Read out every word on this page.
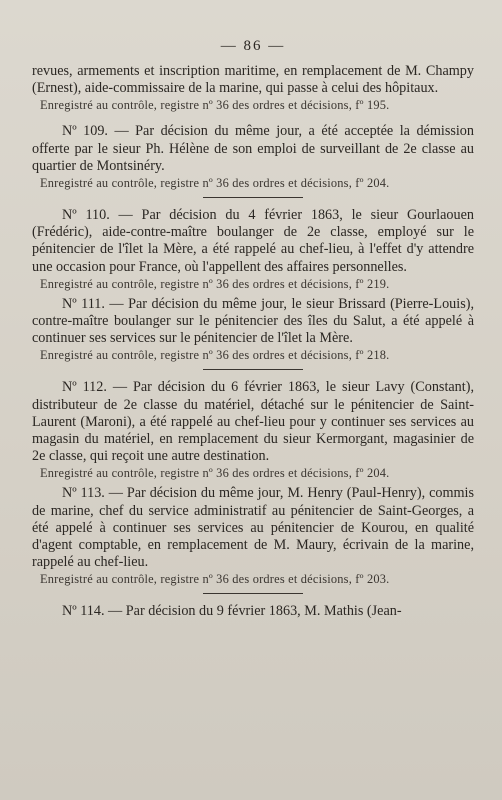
— 86 —

revues, armements et inscription maritime, en remplacement de M. Champy (Ernest), aide-commissaire de la marine, qui passe à celui des hôpitaux.

Enregistré au contrôle, registre nº 36 des ordres et décisions, fº 195.

Nº 109. — Par décision du même jour, a été acceptée la démission offerte par le sieur Ph. Hélène de son emploi de surveillant de 2e classe au quartier de Montsinéry.

Enregistré au contrôle, registre nº 36 des ordres et décisions, fº 204.

Nº 110. — Par décision du 4 février 1863, le sieur Gourlaouen (Frédéric), aide-contre-maître boulanger de 2e classe, employé sur le pénitencier de l'îlet la Mère, a été rappelé au chef-lieu, à l'effet d'y attendre une occasion pour France, où l'appellent des affaires personnelles.

Enregistré au contrôle, registre nº 36 des ordres et décisions, fº 219.

Nº 111. — Par décision du même jour, le sieur Brissard (Pierre-Louis), contre-maître boulanger sur le pénitencier des îles du Salut, a été appelé à continuer ses services sur le pénitencier de l'îlet la Mère.

Enregistré au contrôle, registre nº 36 des ordres et décisions, fº 218.

Nº 112. — Par décision du 6 février 1863, le sieur Lavy (Constant), distributeur de 2e classe du matériel, détaché sur le pénitencier de Saint-Laurent (Maroni), a été rappelé au chef-lieu pour y continuer ses services au magasin du matériel, en remplacement du sieur Kermorgant, magasinier de 2e classe, qui reçoit une autre destination.

Enregistré au contrôle, registre nº 36 des ordres et décisions, fº 204.

Nº 113. — Par décision du même jour, M. Henry (Paul-Henry), commis de marine, chef du service administratif au pénitencier de Saint-Georges, a été appelé à continuer ses services au pénitencier de Kourou, en qualité d'agent comptable, en remplacement de M. Maury, écrivain de la marine, rappelé au chef-lieu.

Enregistré au contrôle, registre nº 36 des ordres et décisions, fº 203.

Nº 114. — Par décision du 9 février 1863, M. Mathis (Jean-
